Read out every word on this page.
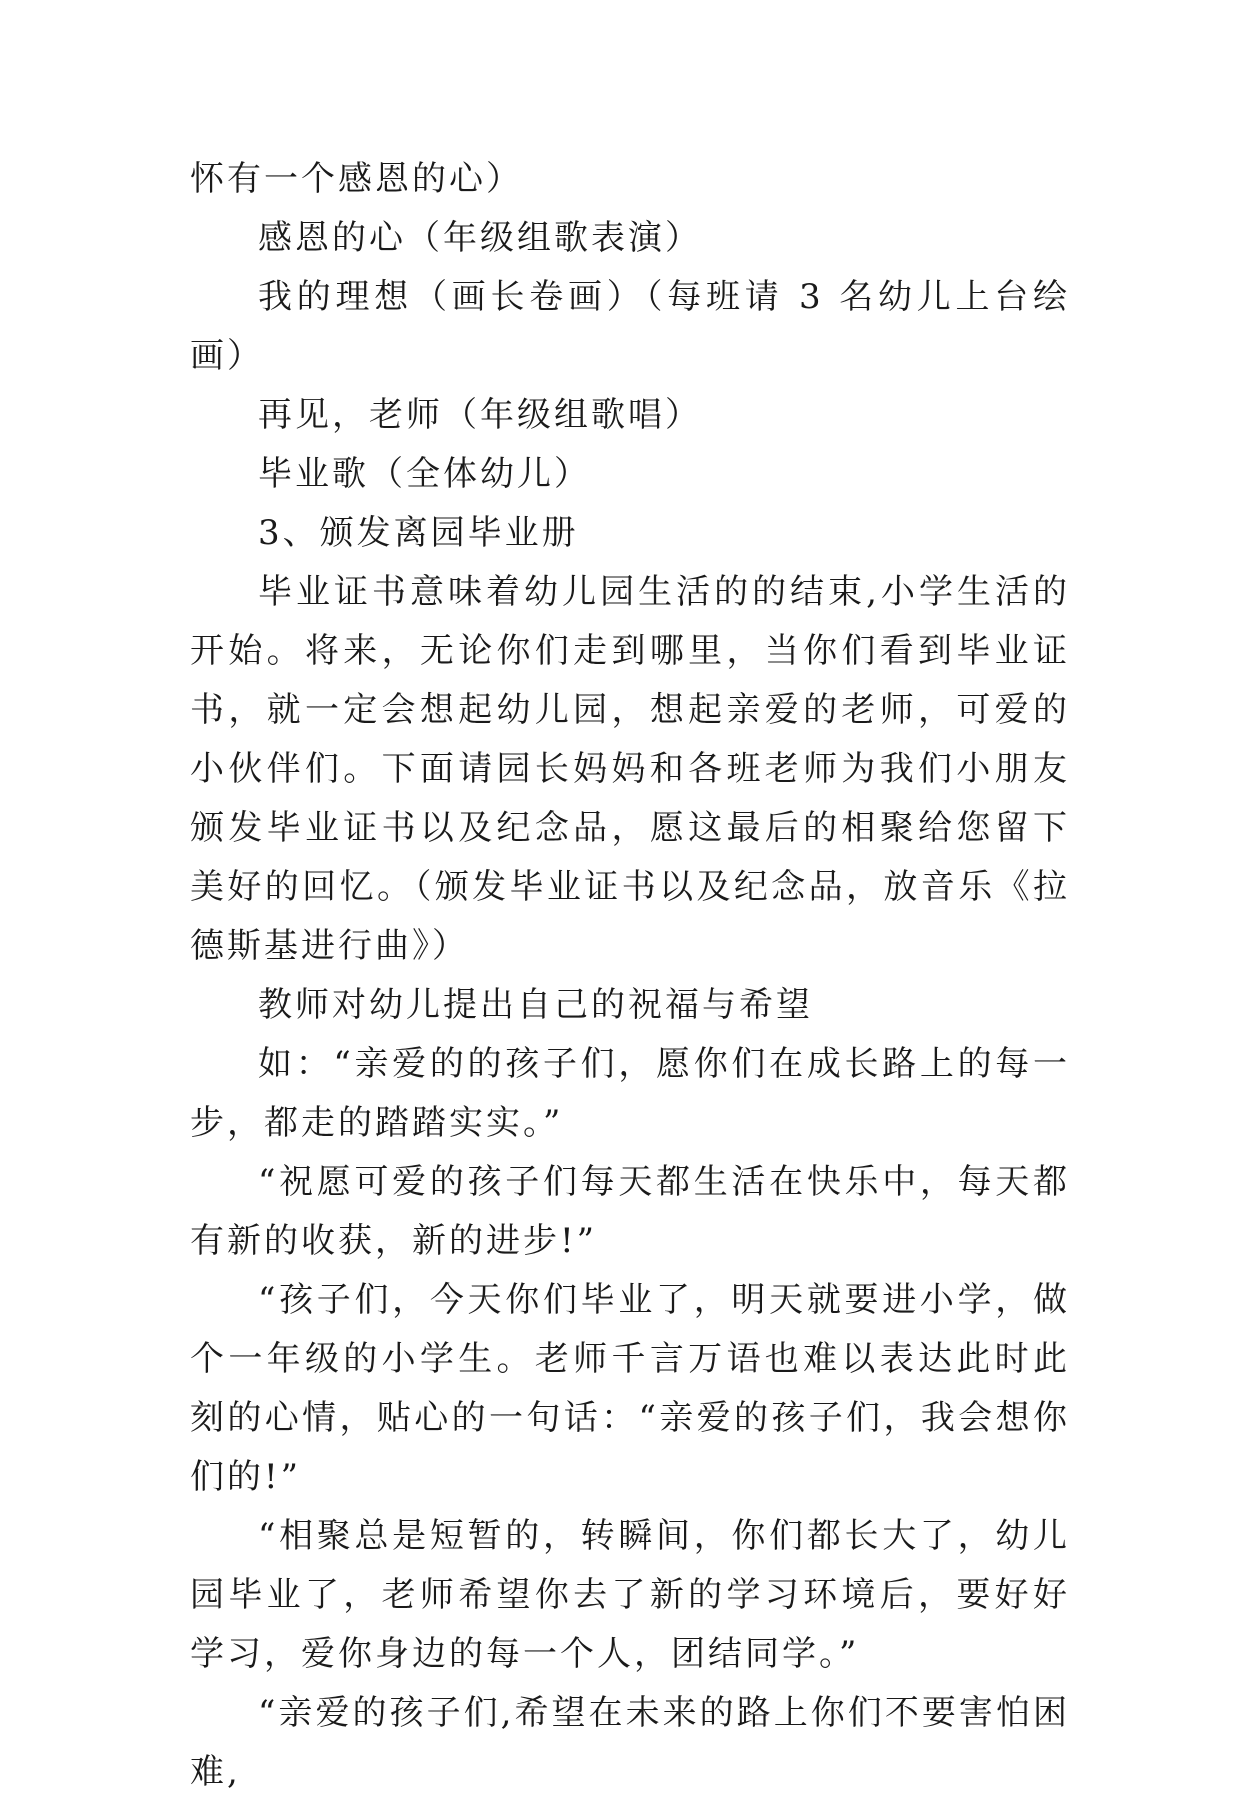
怀有一个感恩的心）

感恩的心（年级组歌表演）

我的理想（画长卷画）（每班请 3 名幼儿上台绘画）

再见，老师（年级组歌唱）

毕业歌（全体幼儿）

3、颁发离园毕业册

毕业证书意味着幼儿园生活的的结束,小学生活的开始。将来，无论你们走到哪里，当你们看到毕业证书，就一定会想起幼儿园，想起亲爱的老师，可爱的小伙伴们。下面请园长妈妈和各班老师为我们小朋友颁发毕业证书以及纪念品，愿这最后的相聚给您留下美好的回忆。（颁发毕业证书以及纪念品，放音乐《拉德斯基进行曲》）

教师对幼儿提出自己的祝福与希望

如：“亲爱的的孩子们，愿你们在成长路上的每一步，都走的踏踏实实。”

“祝愿可爱的孩子们每天都生活在快乐中，每天都有新的收获，新的进步!”

“孩子们，今天你们毕业了，明天就要进小学，做个一年级的小学生。老师千言万语也难以表达此时此刻的心情，贴心的一句话：“亲爱的孩子们，我会想你们的!”

“相聚总是短暂的，转瞬间，你们都长大了，幼儿园毕业了，老师希望你去了新的学习环境后，要好好学习，爱你身边的每一个人，团结同学。”

“亲爱的孩子们,希望在未来的路上你们不要害怕困难,
